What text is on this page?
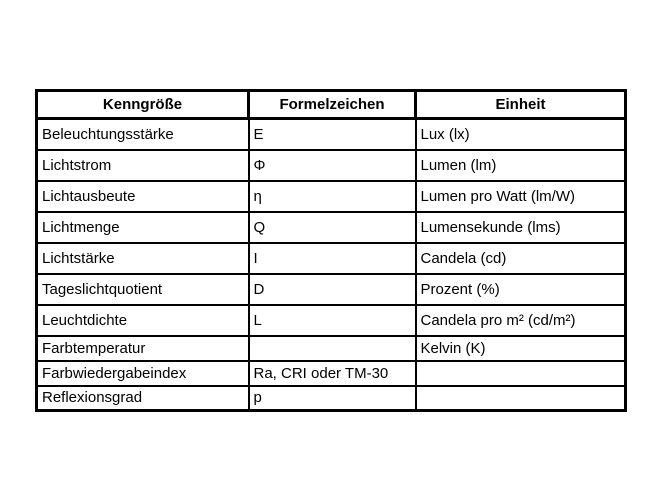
Kenngröße	Formelzeichen	Einheit
Beleuchtungsstärke	E	Lux (lx)
Lichtstrom	Φ	Lumen (lm)
Lichtausbeute	η	Lumen pro Watt (lm/W)
Lichtmenge	Q	Lumensekunde (lms)
Lichtstärke	I	Candela (cd)
Tageslichtquotient	D	Prozent (%)
Leuchtdichte	L	Candela pro m² (cd/m²)
Farbtemperatur		Kelvin (K)
Farbwiedergabeindex	Ra, CRI oder TM-30	
Reflexionsgrad	p	
